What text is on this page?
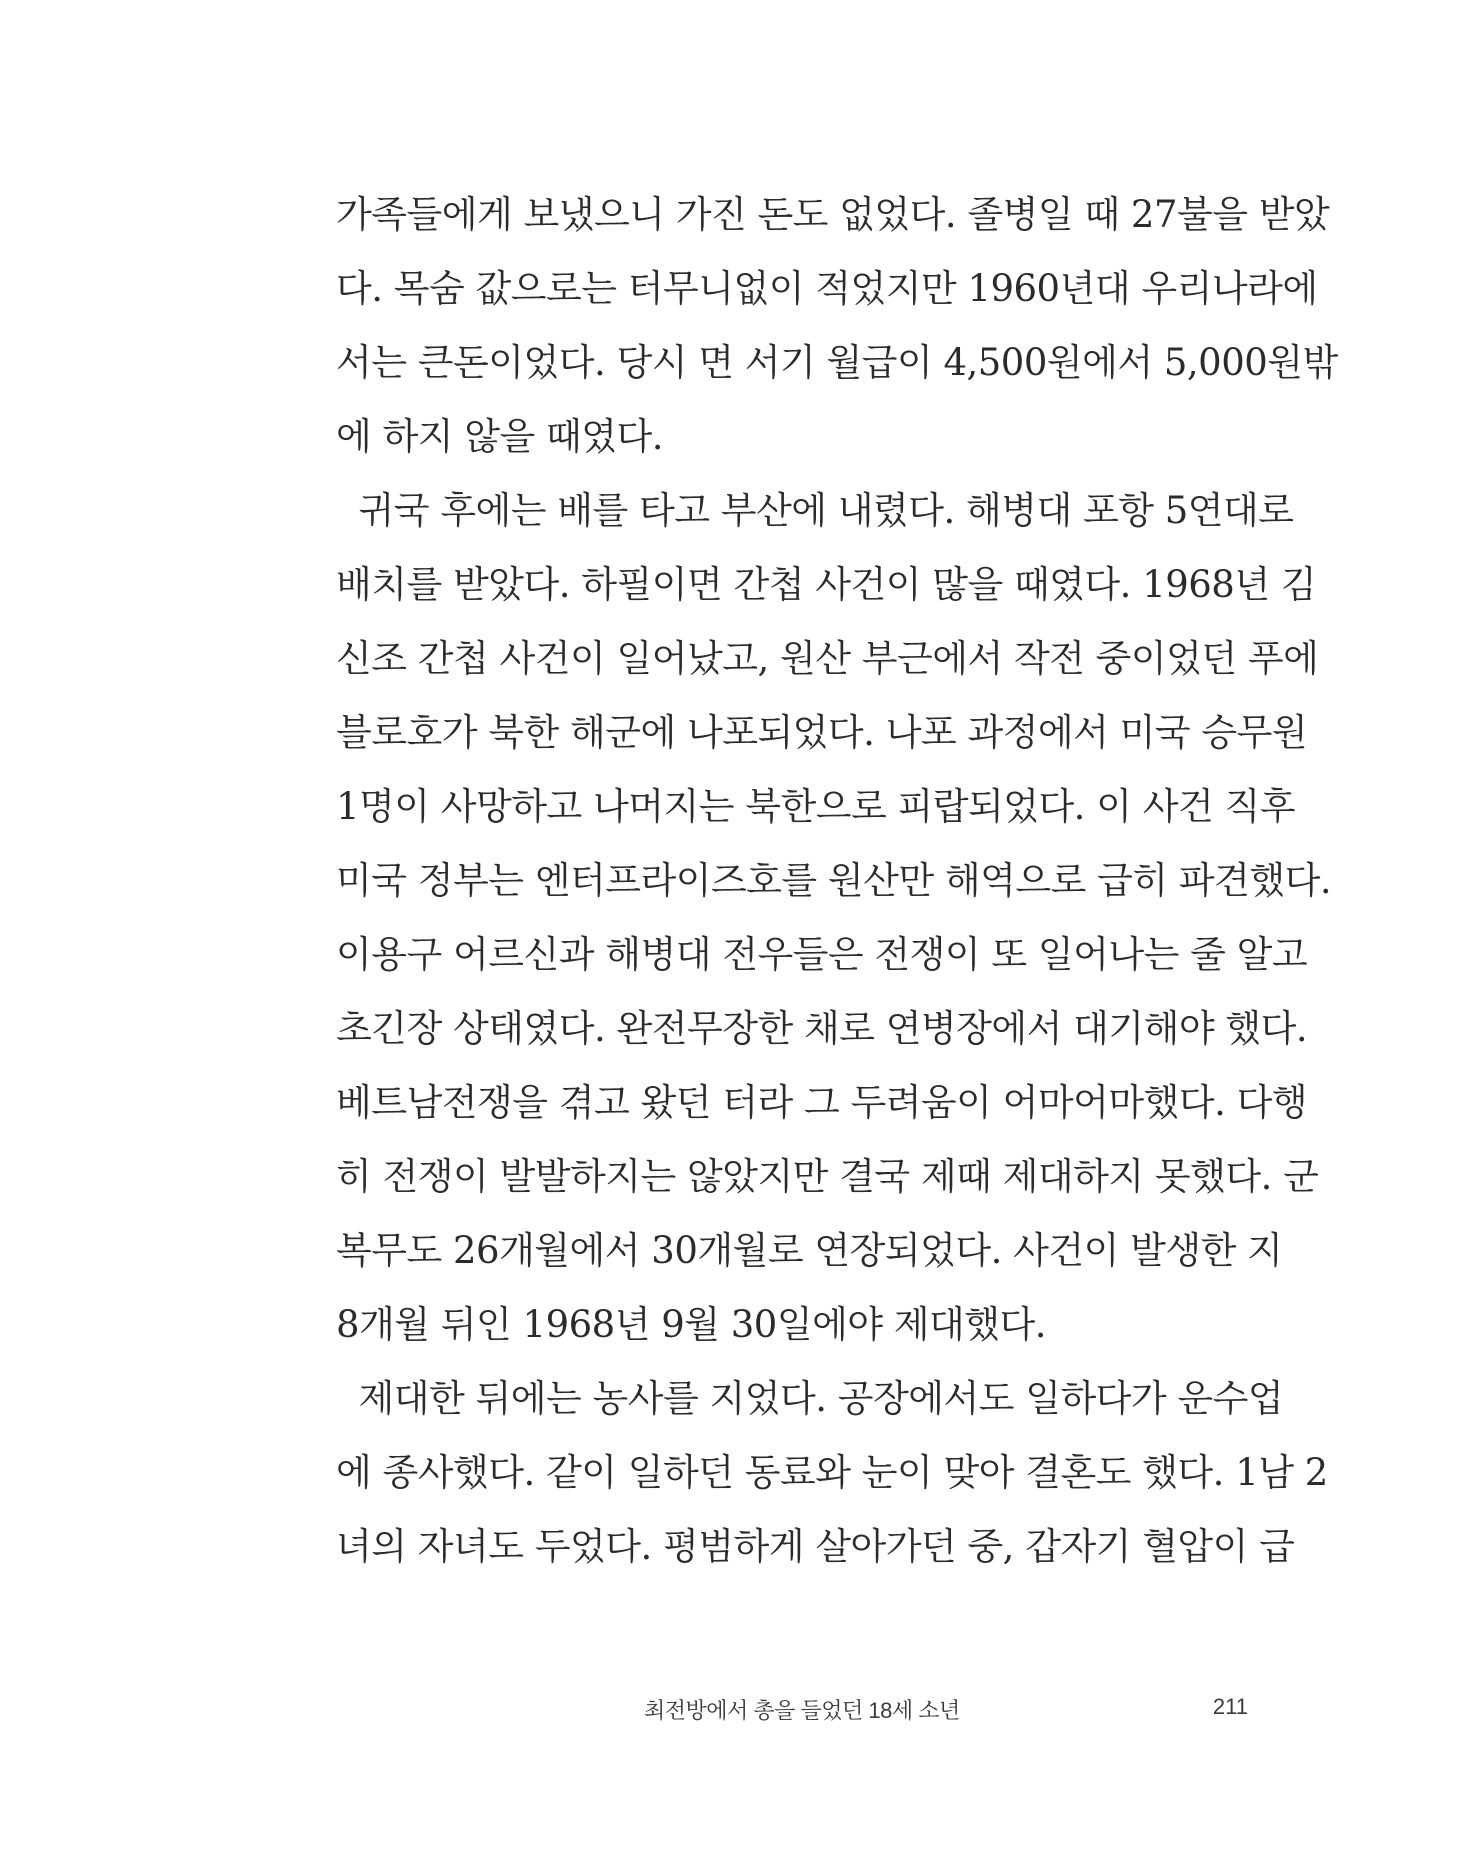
가족들에게 보냈으니 가진 돈도 없었다. 졸병일 때 27불을 받았
다. 목숨 값으로는 터무니없이 적었지만 1960년대 우리나라에
서는 큰돈이었다. 당시 면 서기 월급이 4,500원에서 5,000원밖
에 하지 않을 때였다.
귀국 후에는 배를 타고 부산에 내렸다. 해병대 포항 5연대로
배치를 받았다. 하필이면 간첩 사건이 많을 때였다. 1968년 김
신조 간첩 사건이 일어났고, 원산 부근에서 작전 중이었던 푸에
블로호가 북한 해군에 나포되었다. 나포 과정에서 미국 승무원
1명이 사망하고 나머지는 북한으로 피랍되었다. 이 사건 직후
미국 정부는 엔터프라이즈호를 원산만 해역으로 급히 파견했다.
이용구 어르신과 해병대 전우들은 전쟁이 또 일어나는 줄 알고
초긴장 상태였다. 완전무장한 채로 연병장에서 대기해야 했다.
베트남전쟁을 겪고 왔던 터라 그 두려움이 어마어마했다. 다행
히 전쟁이 발발하지는 않았지만 결국 제때 제대하지 못했다. 군
복무도 26개월에서 30개월로 연장되었다. 사건이 발생한 지
8개월 뒤인 1968년 9월 30일에야 제대했다.
제대한 뒤에는 농사를 지었다. 공장에서도 일하다가 운수업
에 종사했다. 같이 일하던 동료와 눈이 맞아 결혼도 했다. 1남 2
녀의 자녀도 두었다. 평범하게 살아가던 중, 갑자기 혈압이 급
최전방에서 총을 들었던 18세 소년	211
